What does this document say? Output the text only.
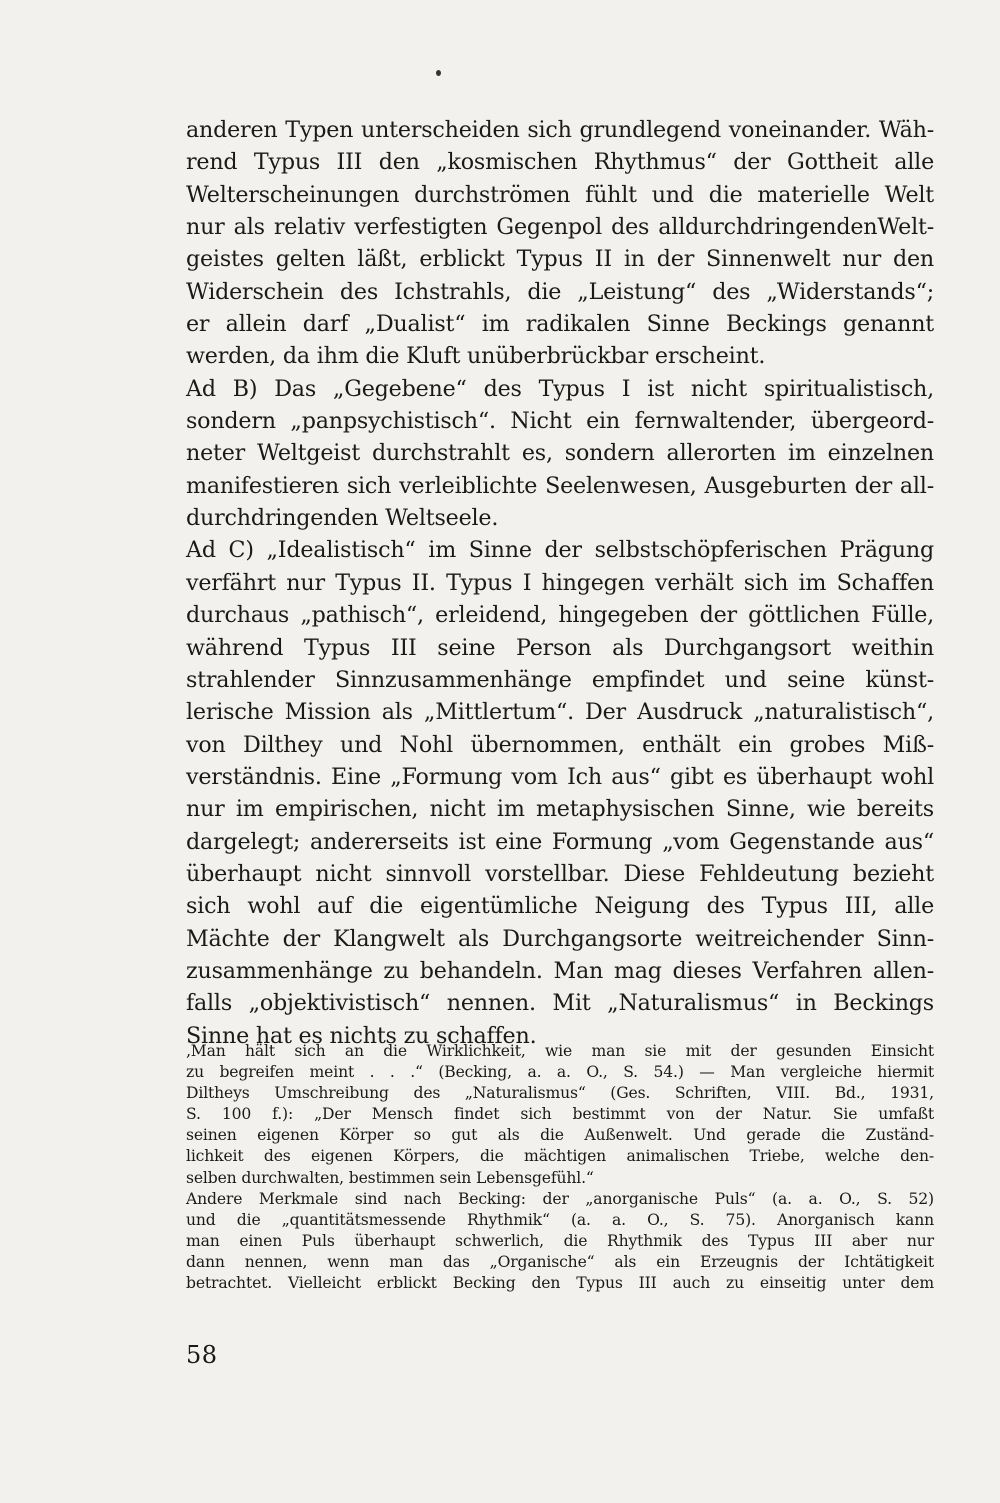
anderen Typen unterscheiden sich grundlegend voneinander. Wäh-
rend Typus III den „kosmischen Rhythmus“ der Gottheit alle
Welterscheinungen durchströmen fühlt und die materielle Welt
nur als relativ verfestigten Gegenpol des alldurchdringendenWelt-
geistes gelten läßt, erblickt Typus II in der Sinnenwelt nur den
Widerschein des Ichstrahls, die „Leistung“ des „Widerstands“;
er allein darf „Dualist“ im radikalen Sinne Beckings genannt
werden, da ihm die Kluft unüberbrückbar erscheint.
Ad B) Das „Gegebene“ des Typus I ist nicht spiritualistisch,
sondern „panpsychistisch“. Nicht ein fernwaltender, übergeord-
neter Weltgeist durchstrahlt es, sondern allerorten im einzelnen
manifestieren sich verleiblichte Seelenwesen, Ausgeburten der all-
durchdringenden Weltseele.
Ad C) „Idealistisch“ im Sinne der selbstschöpferischen Prägung
verfährt nur Typus II. Typus I hingegen verhält sich im Schaffen
durchaus „pathisch“, erleidend, hingegeben der göttlichen Fülle,
während Typus III seine Person als Durchgangsort weithin
strahlender Sinnzusammenhänge empfindet und seine künst-
lerische Mission als „Mittlertum“. Der Ausdruck „naturalistisch“,
von Dilthey und Nohl übernommen, enthält ein grobes Miß-
verständnis. Eine „Formung vom Ich aus“ gibt es überhaupt wohl
nur im empirischen, nicht im metaphysischen Sinne, wie bereits
dargelegt; andererseits ist eine Formung „vom Gegenstande aus“
überhaupt nicht sinnvoll vorstellbar. Diese Fehldeutung bezieht
sich wohl auf die eigentümliche Neigung des Typus III, alle
Mächte der Klangwelt als Durchgangsorte weitreichender Sinn-
zusammenhänge zu behandeln. Man mag dieses Verfahren allen-
falls „objektivistisch“ nennen. Mit „Naturalismus“ in Beckings
Sinne hat es nichts zu schaffen.
‚Man hält sich an die Wirklichkeit, wie man sie mit der gesunden Einsicht
zu begreifen meint . . .“ (Becking, a. a. O., S. 54.) — Man vergleiche hiermit
Diltheys Umschreibung des „Naturalismus“ (Ges. Schriften, VIII. Bd., 1931,
S. 100 f.): „Der Mensch findet sich bestimmt von der Natur. Sie umfaßt
seinen eigenen Körper so gut als die Außenwelt. Und gerade die Zuständ-
lichkeit des eigenen Körpers, die mächtigen animalischen Triebe, welche den-
selben durchwalten, bestimmen sein Lebensgefühl.“
Andere Merkmale sind nach Becking: der „anorganische Puls“ (a. a. O., S. 52)
und die „quantitätsmessende Rhythmik“ (a. a. O., S. 75). Anorganisch kann
man einen Puls überhaupt schwerlich, die Rhythmik des Typus III aber nur
dann nennen, wenn man das „Organische“ als ein Erzeugnis der Ichtätigkeit
betrachtet. Vielleicht erblickt Becking den Typus III auch zu einseitig unter dem
58
